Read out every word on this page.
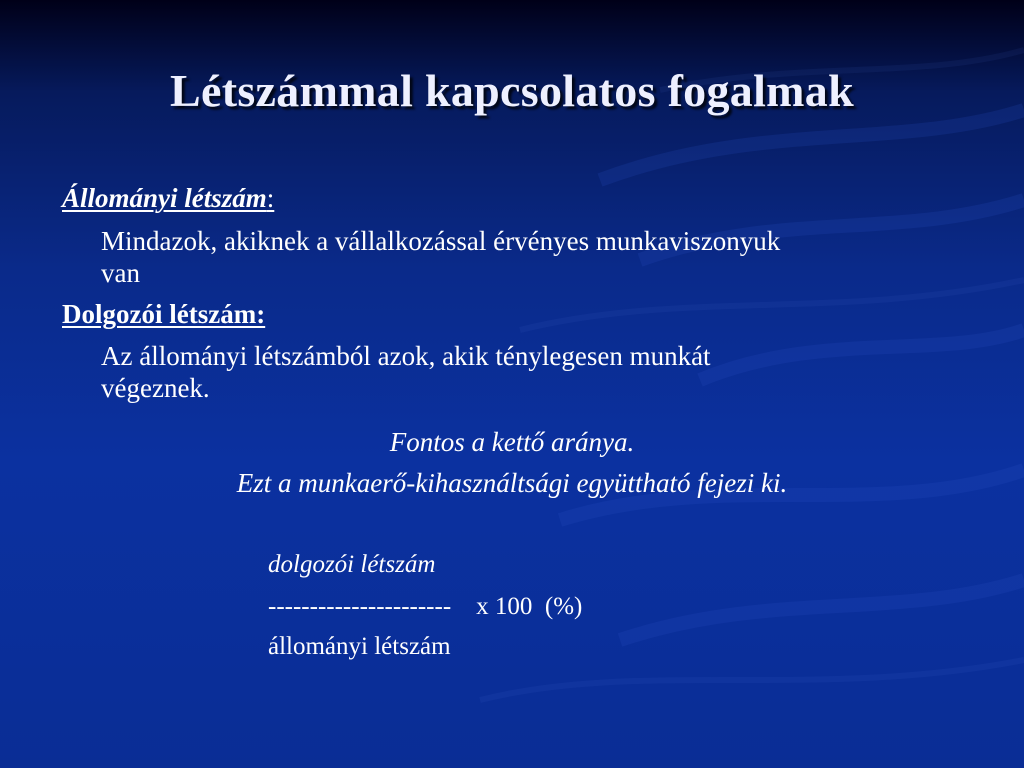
Létszámmal kapcsolatos fogalmak
Állományi létszám:
Mindazok, akiknek a vállalkozással érvényes munkaviszonyuk
van
Dolgozói létszám:
Az állományi létszámból azok, akik ténylegesen munkát
végeznek.
Fontos a kettő aránya.
Ezt a munkaerő-kihasználtsági együttható fejezi ki.
dolgozói létszám
---------------------- x 100 (%)
állományi létszám
